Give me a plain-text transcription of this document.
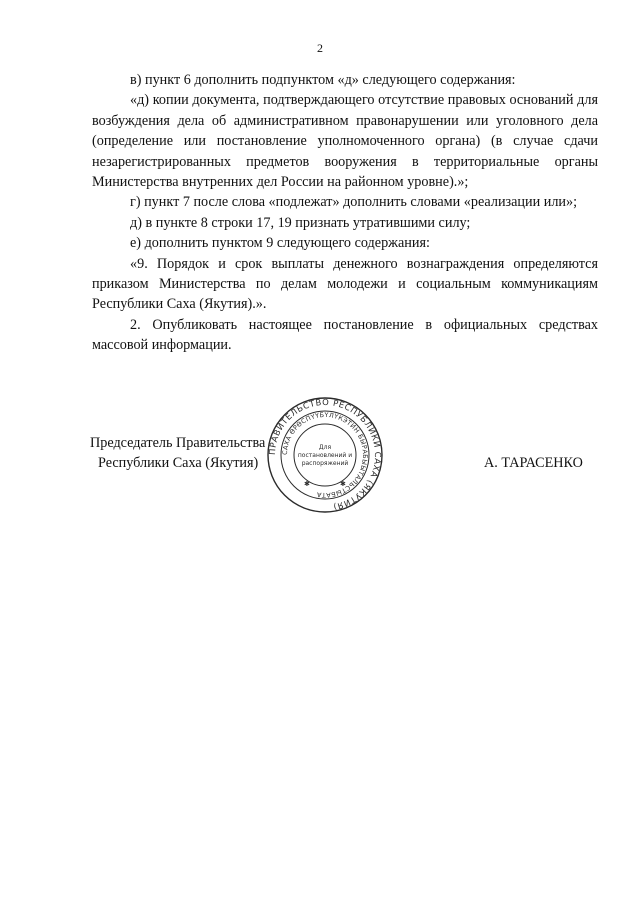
2

в) пункт 6 дополнить подпунктом «д» следующего содержания:

«д) копии документа, подтверждающего отсутствие правовых оснований для возбуждения дела об административном правонарушении или уголовного дела (определение или постановление уполномоченного органа) (в случае сдачи незарегистрированных предметов вооружения в территориальные органы Министерства внутренних дел России на районном уровне).»;

г) пункт 7 после слова «подлежат» дополнить словами «реализации или»;

д) в пункте 8 строки 17, 19 признать утратившими силу;

е) дополнить пунктом 9 следующего содержания:

«9. Порядок и срок выплаты денежного вознаграждения определяются приказом Министерства по делам молодежи и социальным коммуникациям Республики Саха (Якутия).».

2. Опубликовать настоящее постановление в официальных средствах массовой информации.

Председатель Правительства
Республики Саха (Якутия)	А. ТАРАСЕНКО
ПРАВИТЕЛЬСТВО РЕСПУБЛИКИ САХА (ЯКУТИЯ)
САХА ӨРӨСПҮҮБҮЛҮКЭТИН БЫРАБЫЫТАЛЬСТЫБАТА
Для
постановлений и
распоряжений
✱	✱
